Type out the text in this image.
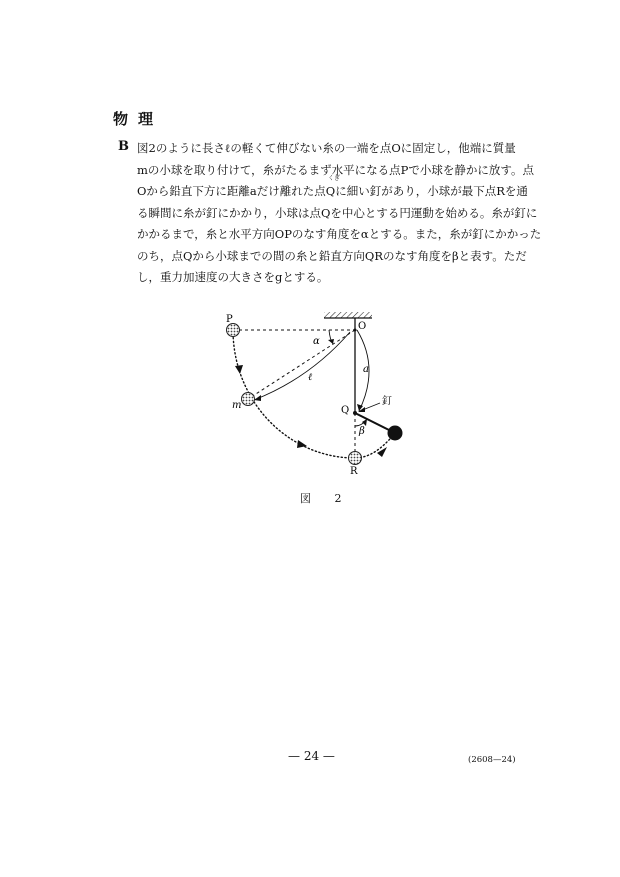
物理
B 図2のように長さℓの軽くて伸びない糸の一端を点Oに固定し，他端に質量

mの小球を取り付けて，糸がたるまず水平になる点Pで小球を静かに放す。点

Oから鉛直下方に距離aだけ離れた点Qに細い釘があり，小球が最下点Rを通

る瞬間に糸が釘にかかり，小球は点Qを中心とする円運動を始める。糸が釘に

かかるまで，糸と水平方向OPのなす角度をαとする。また，糸が釘にかかった

のち，点Qから小球までの間の糸と鉛直方向QRのなす角度をβと表す。ただ

し，重力加速度の大きさをgとする。

くぎ
P
O
Q
R
m
ℓ
a
α
β
釘
図 2
— 24 —	(2608—24)
